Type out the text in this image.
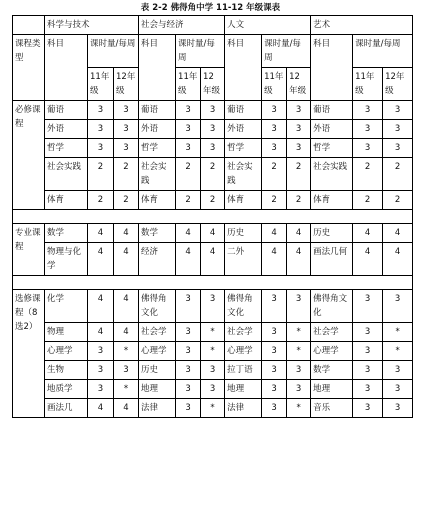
表 2-2 佛得角中学 11-12 年级课表
	科学与技术			社会与经济			人文			艺术		
课程类型	科目	课时量/每周		科目	课时量/每周		科目	课时量/每周		科目	课时量/每周	
		11年级	12年级		11年级	12年级		11年级	12年级		11年级	12年级
必修课程	葡语	3	3	葡语	3	3	葡语	3	3	葡语	3	3
	外语	3	3	外语	3	3	外语	3	3	外语	3	3
	哲学	3	3	哲学	3	3	哲学	3	3	哲学	3	3
	社会实践	2	2	社会实践	2	2	社会实践	2	2	社会实践	2	2
	体育	2	2	体育	2	2	体育	2	2	体育	2	2

专业课程	数学	4	4	数学	4	4	历史	4	4	历史	4	4
	物理与化学	4	4	经济	4	4	二外	4	4	画法几何	4	4

选修课程（8选2）	化学	4	4	佛得角文化	3	3	佛得角文化	3	3	佛得角文化	3	3
	物理	4	4	社会学	3	*	社会学	3	*	社会学	3	*
	心理学	3	*	心理学	3	*	心理学	3	*	心理学	3	*
	生物	3	3	历史	3	3	拉丁语	3	3	数学	3	3
	地质学	3	*	地理	3	3	地理	3	3	地理	3	3
	画法几	4	4	法律	3	*	法律	3	*	音乐	3	3
